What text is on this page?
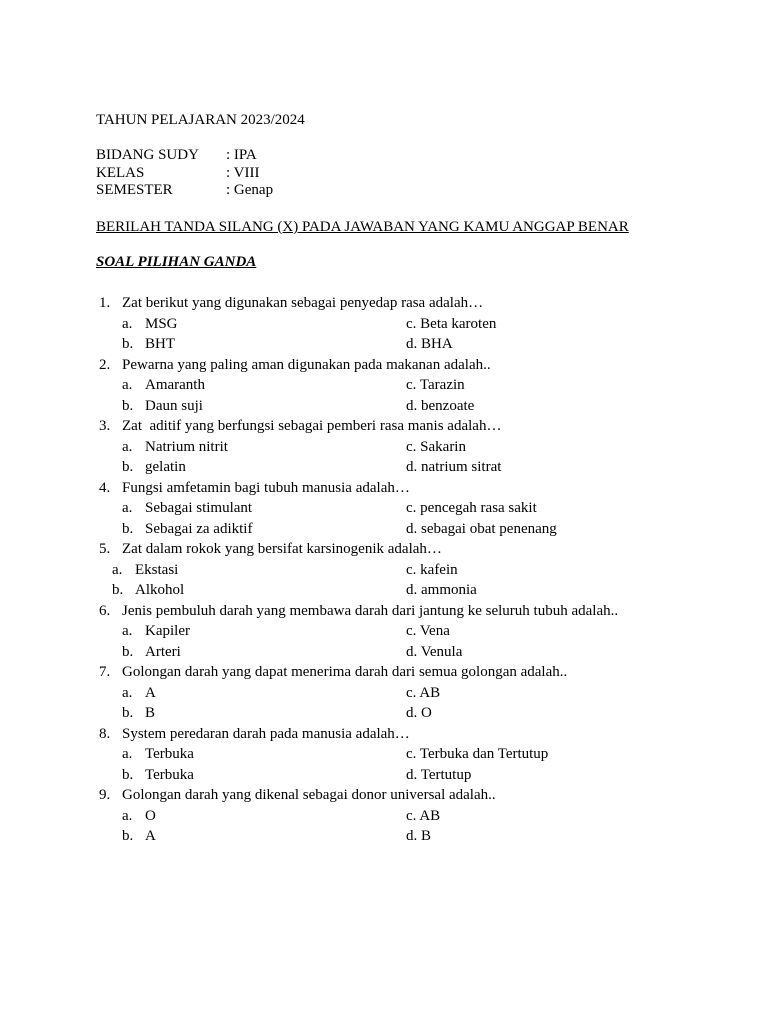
TAHUN PELAJARAN 2023/2024
BIDANG SUDY : IPA
KELAS	: VIII
SEMESTER	: Genap
BERILAH TANDA SILANG (X) PADA JAWABAN YANG KAMU ANGGAP BENAR
SOAL PILIHAN GANDA
1. Zat berikut yang digunakan sebagai penyedap rasa adalah…
a. MSG	c. Beta karoten
b. BHT	d. BHA
2. Pewarna yang paling aman digunakan pada makanan adalah..
a. Amaranth	c. Tarazin
b. Daun suji	d. benzoate
3. Zat  aditif yang berfungsi sebagai pemberi rasa manis adalah…
a. Natrium nitrit	c. Sakarin
b. gelatin	d. natrium sitrat
4. Fungsi amfetamin bagi tubuh manusia adalah…
a. Sebagai stimulant	c. pencegah rasa sakit
b. Sebagai za adiktif	d. sebagai obat penenang
5. Zat dalam rokok yang bersifat karsinogenik adalah…
a. Ekstasi	c. kafein
b. Alkohol	d. ammonia
6. Jenis pembuluh darah yang membawa darah dari jantung ke seluruh tubuh adalah..
a. Kapiler	c. Vena
b. Arteri	d. Venula
7. Golongan darah yang dapat menerima darah dari semua golongan adalah..
a. A	c. AB
b. B	d. O
8. System peredaran darah pada manusia adalah…
a. Terbuka	c. Terbuka dan Tertutup
b. Terbuka	d. Tertutup
9. Golongan darah yang dikenal sebagai donor universal adalah..
a. O	c. AB
b. A	d. B
